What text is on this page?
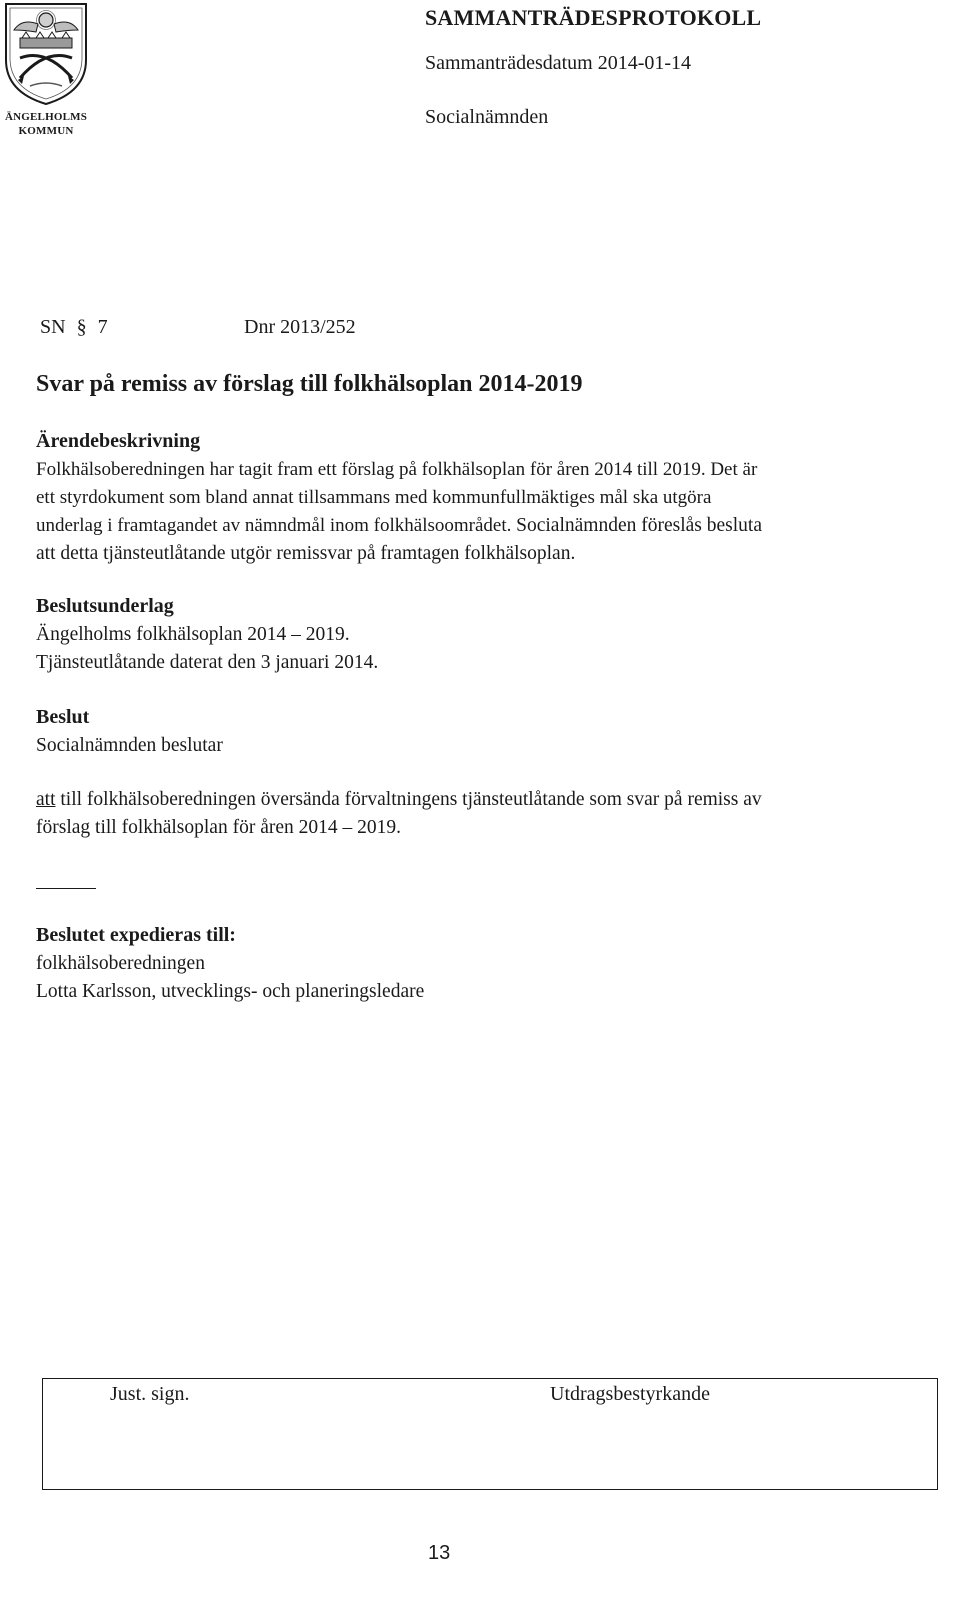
ÄNGELHOLMS
KOMMUN
SAMMANTRÄDESPROTOKOLL
Sammanträdesdatum 2014-01-14
Socialnämnden
SN § 7	Dnr 2013/252
Svar på remiss av förslag till folkhälsoplan 2014-2019
Ärendebeskrivning
Folkhälsoberedningen har tagit fram ett förslag på folkhälsoplan för åren 2014 till 2019. Det är
ett styrdokument som bland annat tillsammans med kommunfullmäktiges mål ska utgöra
underlag i framtagandet av nämndmål inom folkhälsoområdet. Socialnämnden föreslås besluta
att detta tjänsteutlåtande utgör remissvar på framtagen folkhälsoplan.
Beslutsunderlag
Ängelholms folkhälsoplan 2014 – 2019.
Tjänsteutlåtande daterat den 3 januari 2014.
Beslut
Socialnämnden beslutar
att till folkhälsoberedningen översända förvaltningens tjänsteutlåtande som svar på remiss av
förslag till folkhälsoplan för åren 2014 – 2019.
Beslutet expedieras till:
folkhälsoberedningen
Lotta Karlsson, utvecklings- och planeringsledare
Just. sign.	Utdragsbestyrkande
13
